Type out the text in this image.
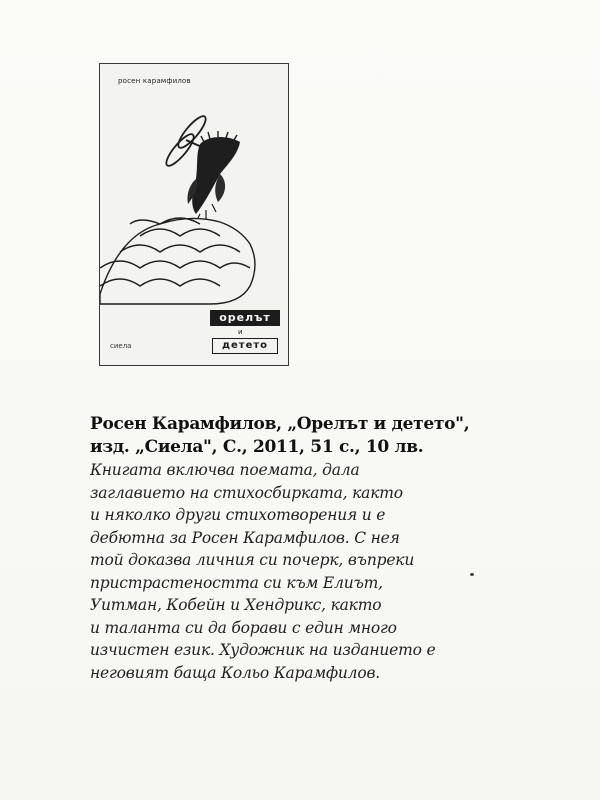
росен карамфилов
орелът
и
детето
сиела
Росен Карамфилов, „Орелът и детето",
изд. „Сиела", С., 2011, 51 с., 10 лв.
Книгата включва поемата, дала
заглавието на стихосбирката, както
и няколко други стихотворения и е
дебютна за Росен Карамфилов. С нея
той доказва личния си почерк, въпреки
пристрастеността си към Елиът,
Уитман, Кобейн и Хендрикс, както
и таланта си да борави с един много
изчистен език. Художник на изданието е
неговият баща Кольо Карамфилов.
